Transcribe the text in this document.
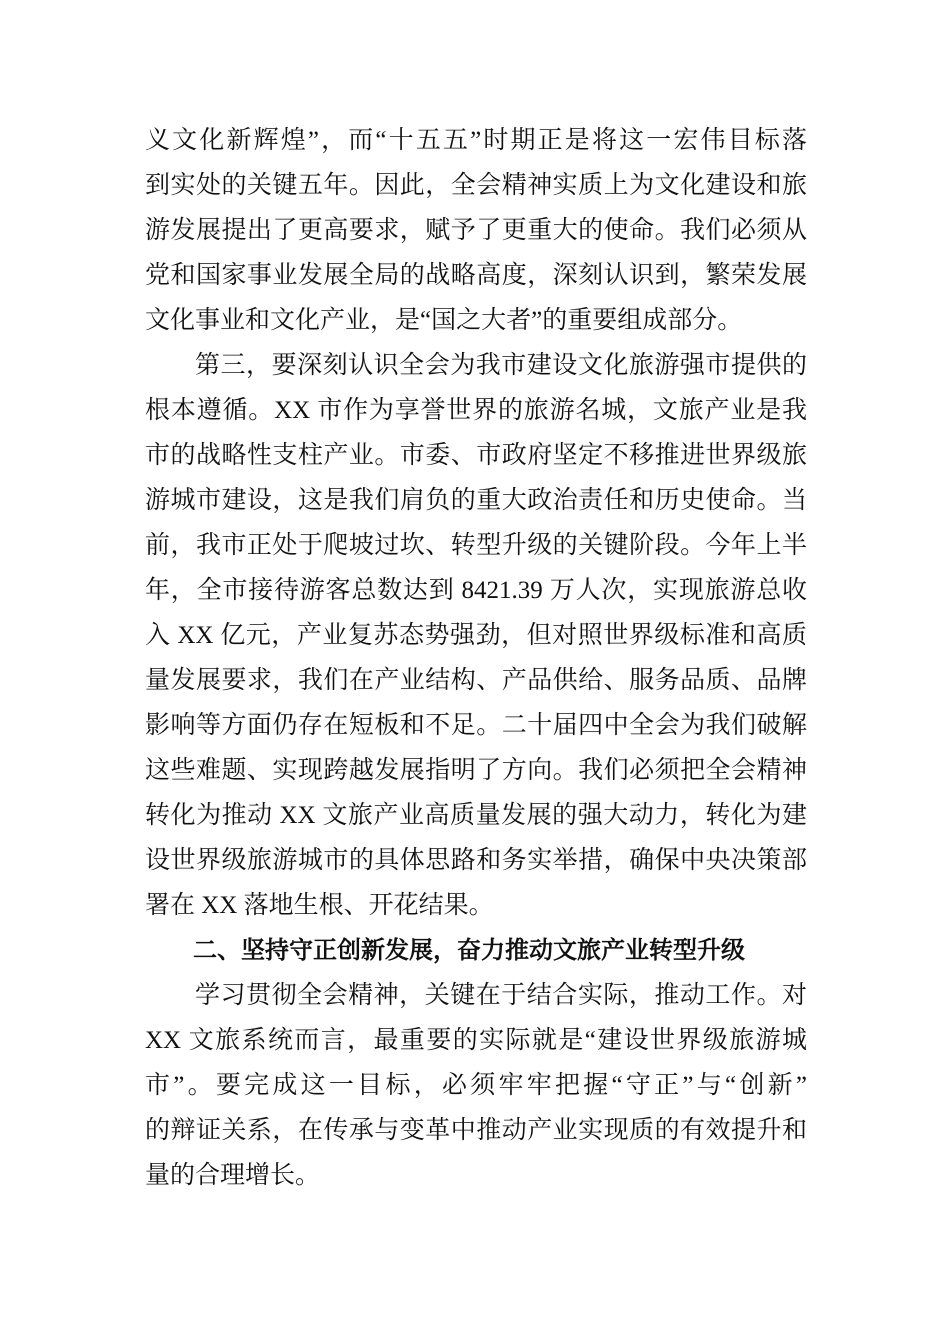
义文化新辉煌”，而“十五五”时期正是将这一宏伟目标落
到实处的关键五年。因此，全会精神实质上为文化建设和旅
游发展提出了更高要求，赋予了更重大的使命。我们必须从
党和国家事业发展全局的战略高度，深刻认识到，繁荣发展
文化事业和文化产业，是“国之大者”的重要组成部分。
第三，要深刻认识全会为我市建设文化旅游强市提供的
根本遵循。XX 市作为享誉世界的旅游名城，文旅产业是我
市的战略性支柱产业。市委、市政府坚定不移推进世界级旅
游城市建设，这是我们肩负的重大政治责任和历史使命。当
前，我市正处于爬坡过坎、转型升级的关键阶段。今年上半
年，全市接待游客总数达到 8421.39 万人次，实现旅游总收
入 XX 亿元，产业复苏态势强劲，但对照世界级标准和高质
量发展要求，我们在产业结构、产品供给、服务品质、品牌
影响等方面仍存在短板和不足。二十届四中全会为我们破解
这些难题、实现跨越发展指明了方向。我们必须把全会精神
转化为推动 XX 文旅产业高质量发展的强大动力，转化为建
设世界级旅游城市的具体思路和务实举措，确保中央决策部
署在 XX 落地生根、开花结果。
二、坚持守正创新发展，奋力推动文旅产业转型升级
学习贯彻全会精神，关键在于结合实际，推动工作。对
XX 文旅系统而言，最重要的实际就是“建设世界级旅游城
市”。要完成这一目标，必须牢牢把握“守正”与“创新”
的辩证关系，在传承与变革中推动产业实现质的有效提升和
量的合理增长。
